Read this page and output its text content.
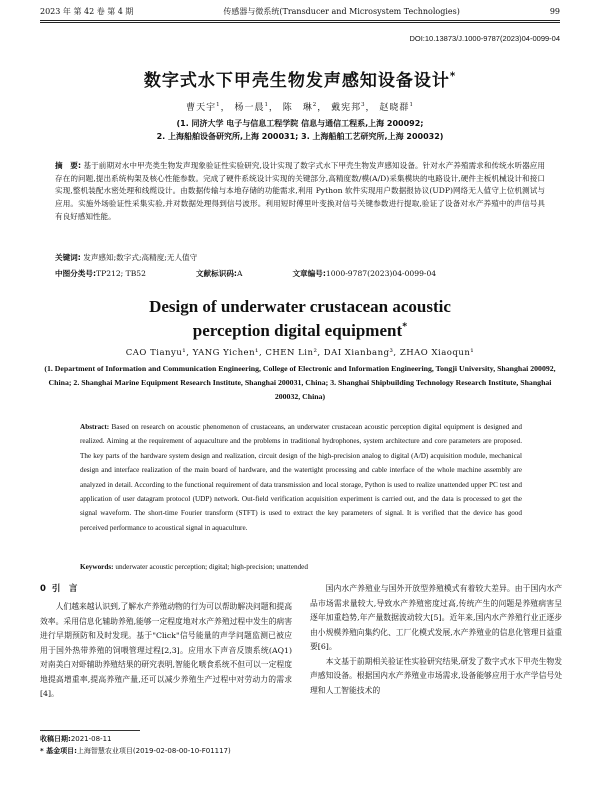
2023 年 第 42 卷 第 4 期	传感器与微系统(Transducer and Microsystem Technologies)	99
DOI:10.13873/J.1000-9787(2023)04-0099-04
数字式水下甲壳生物发声感知设备设计*
曹天宇$^1$， 杨一晨$^1$， 陈　琳$^2$， 戴宪邦$^3$， 赵晓群$^1$
(1. 同济大学 电子与信息工程学院 信息与通信工程系,上海 200092;
2. 上海船舶设备研究所,上海 200031; 3. 上海船舶工艺研究所,上海 200032)
摘　要: 基于前期对水中甲壳类生物发声现象验证性实验研究,设计实现了数字式水下甲壳生物发声感知设备。针对水产养殖需求和传统水听器应用存在的问题,提出系统构架及核心性能参数。完成了硬件系统设计实现的关键部分,高精度数/模(A/D)采集模块的电路设计,硬件主板机械设计和接口实现,整机装配水密处理和线缆设计。由数据传输与本地存储的功能需求,利用 Python 软件实现用户数据报协议(UDP)网络无人值守上位机测试与应用。实施外场验证性采集实验,并对数据处理得到信号波形。利用短时傅里叶变换对信号关键参数进行提取,验证了设备对水产养殖中的声信号具有良好感知性能。
关键词: 发声感知;数字式;高精度;无人值守
中图分类号:TP212; TB52	文献标识码:A	文章编号:1000-9787(2023)04-0099-04
Design of underwater crustacean acoustic
perception digital equipment*
CAO Tianyu¹, YANG Yichen¹, CHEN Lin², DAI Xianbang³, ZHAO Xiaoqun¹
(1. Department of Information and Communication Engineering, College of Electronic and Information Engineering, Tongji University, Shanghai 200092, China; 2. Shanghai Marine Equipment Research Institute, Shanghai 200031, China; 3. Shanghai Shipbuilding Technology Research Institute, Shanghai 200032, China)
Abstract: Based on research on acoustic phenomenon of crustaceans, an underwater crustacean acoustic perception digital equipment is designed and realized. Aiming at the requirement of aquaculture and the problems in traditional hydrophones, system architecture and core parameters are proposed. The key parts of the hardware system design and realization, circuit design of the high-precision analog to digital (A/D) acquisition module, mechanical design and interface realization of the main board of hardware, and the watertight processing and cable interface of the whole machine assembly are analyzed in detail. According to the functional requirement of data transmission and local storage, Python is used to realize unattended upper PC test and application of user datagram protocol (UDP) network. Out-field verification acquisition experiment is carried out, and the data is processed to get the signal waveform. The short-time Fourier transform (STFT) is used to extract the key parameters of signal. It is verified that the device has good perceived performance to acoustical signal in aquaculture.
Keywords: underwater acoustic perception; digital; high-precision; unattended
0 引　言

人们越来越认识到,了解水产养殖动物的行为可以帮助解决问题和提高效率。采用信息化辅助养殖,能够一定程度地对水产养殖过程中发生的病害进行早期预防和及时发现。基于"Click"信号能量的声学问题监测已被应用于国外热带养殖的饲喂管理过程[2,3]。应用水下声音反馈系统(AQ1)对南美白对虾辅助养殖结果的研究表明,智能化喂食系统不但可以一定程度地提高增重率,提高养殖产量,还可以减少养殖生产过程中对劳动力的需求[4]。

国内水产养殖业与国外开放型养殖模式有着较大差异。由于国内水产品市场需求量较大,导致水产养殖密度过高,传统产生的问题是养殖病害呈逐年加重趋势,年产量数据波动较大[5]。近年来,国内水产养殖行业正逐步由小规模养殖向集约化、工厂化模式发展,水产养殖业的信息化管理日益重要[6]。

本文基于前期相关验证性实验研究结果,研发了数字式水下甲壳生物发声感知设备。根据国内水产养殖业市场需求,设备能够应用于水产学信号处理和人工智能技术的

收稿日期:2021-08-11
* 基金项目:上海智慧农业项目(2019-02-08-00-10-F01117)
